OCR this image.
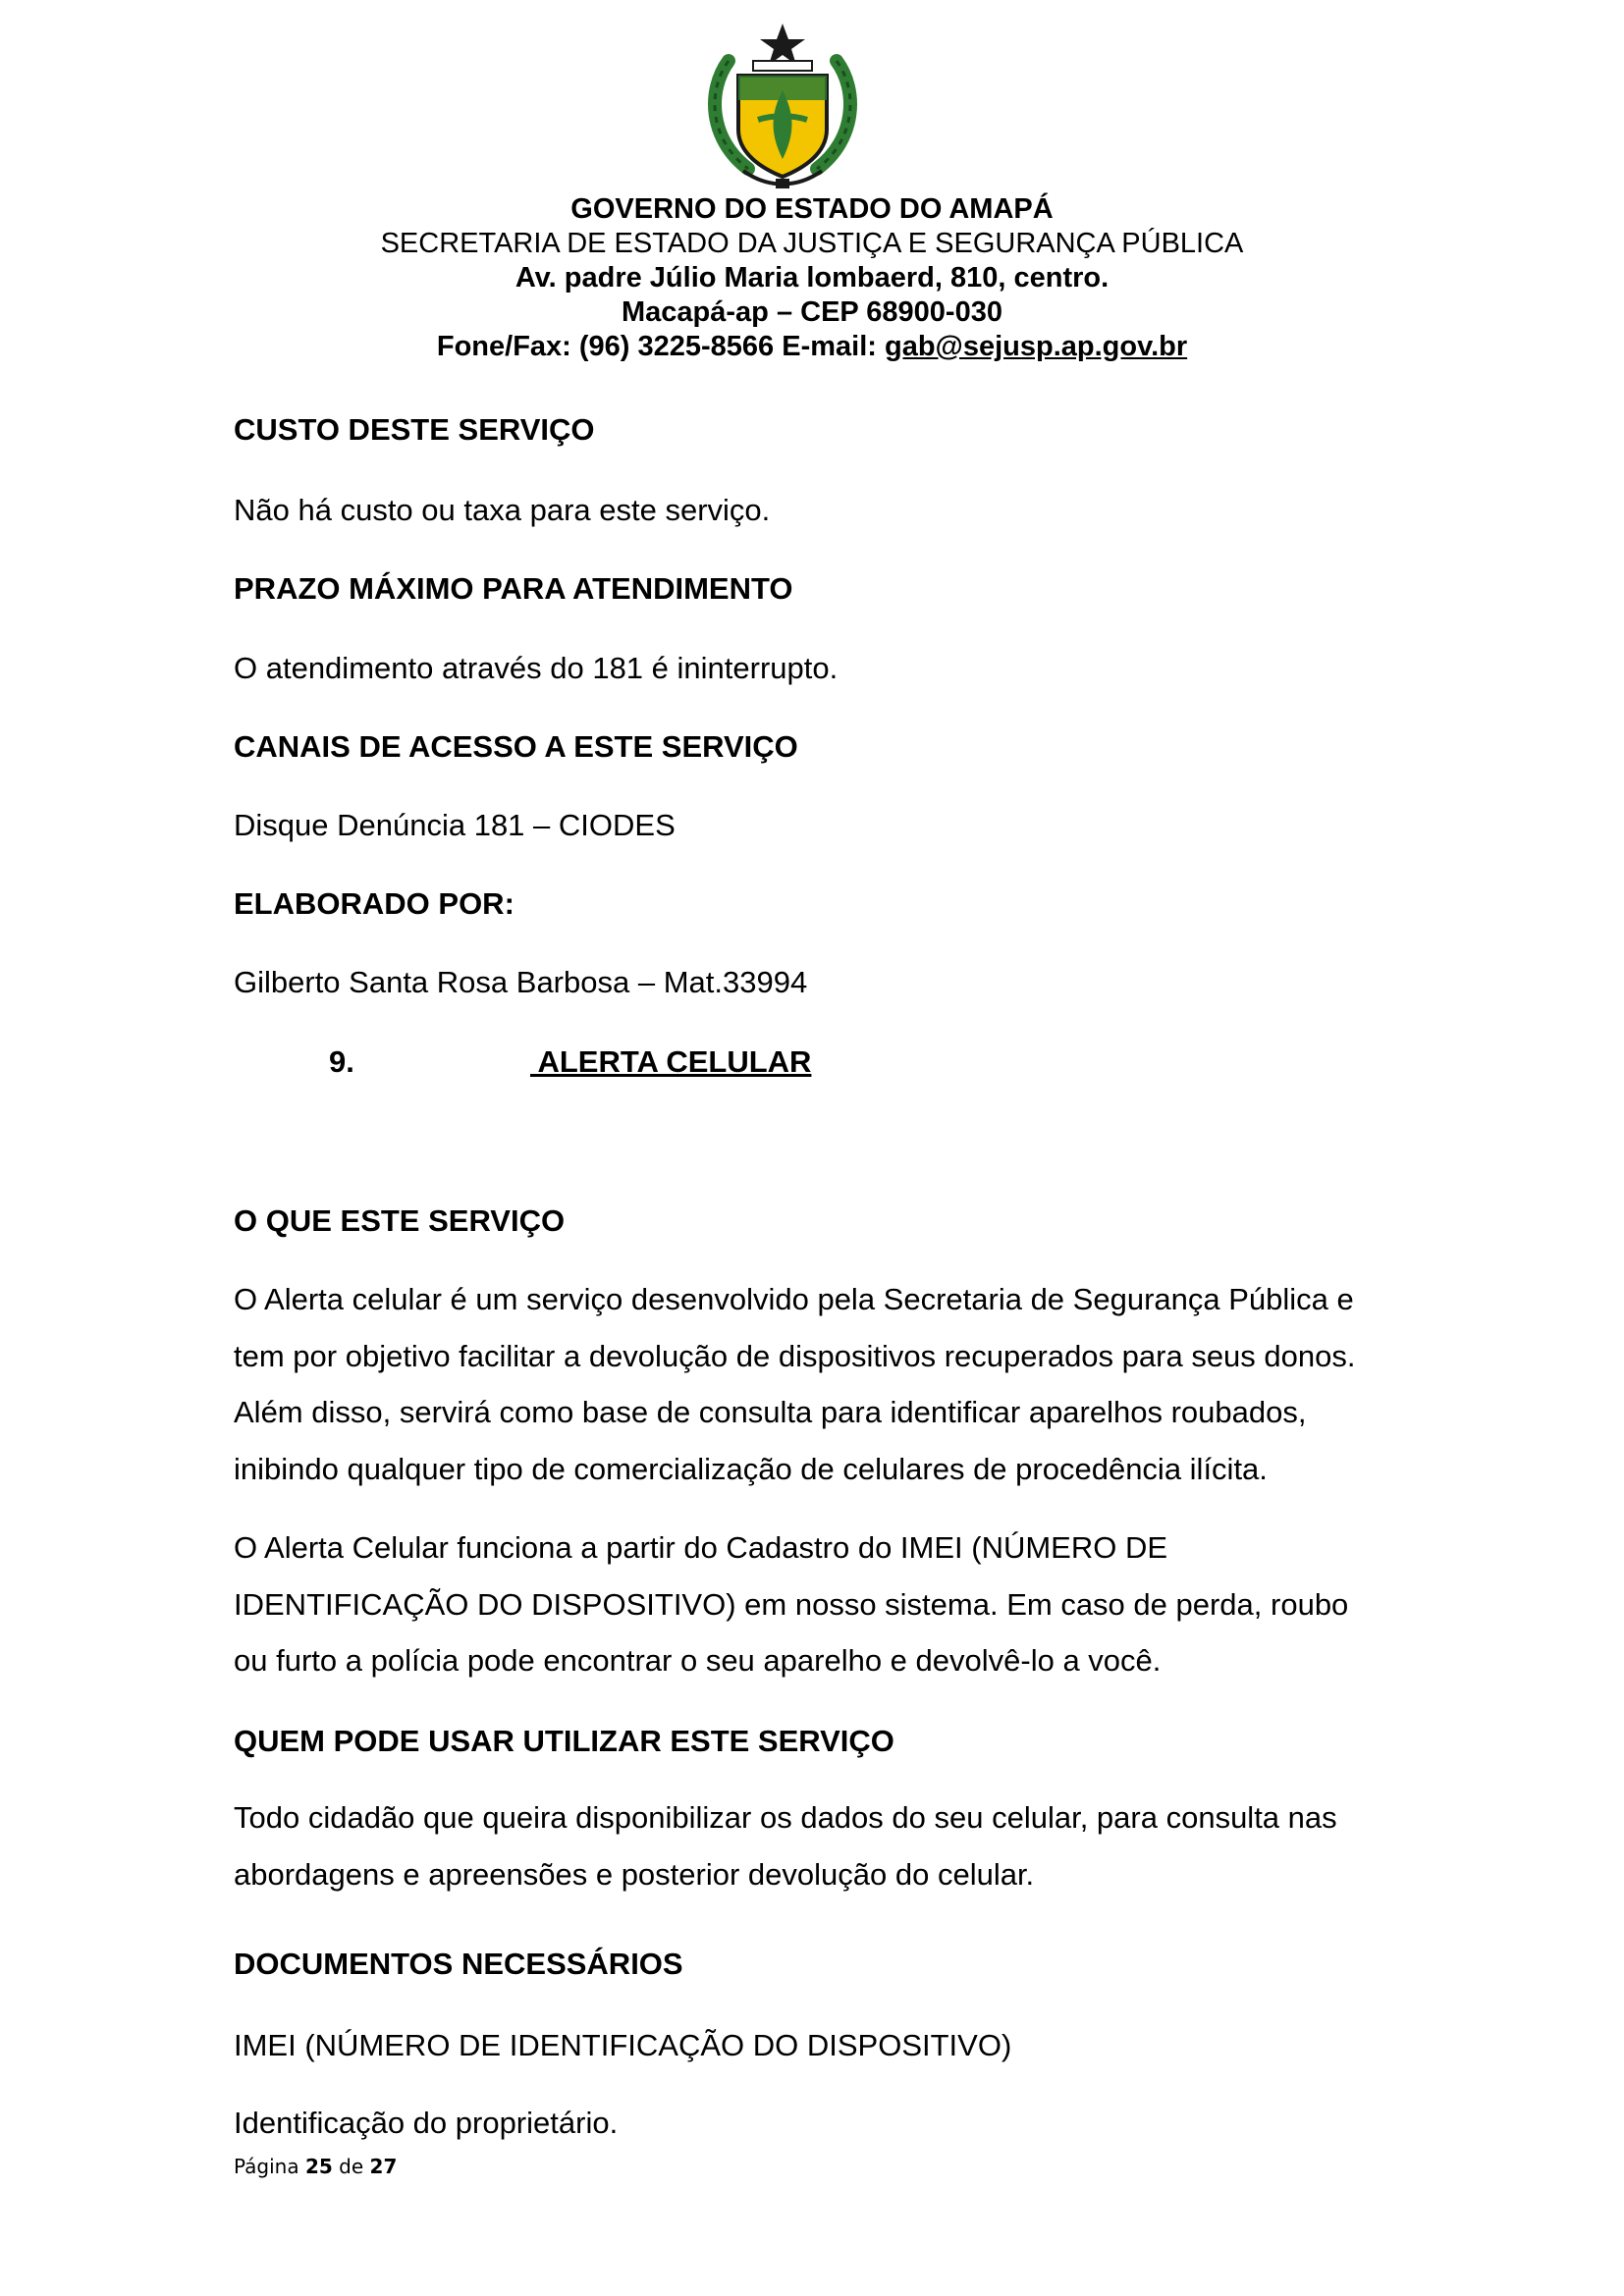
GOVERNO DO ESTADO DO AMAPÁ
SECRETARIA DE ESTADO DA JUSTIÇA E SEGURANÇA PÚBLICA
Av. padre Júlio Maria lombaerd, 810, centro.
Macapá-ap – CEP 68900-030
Fone/Fax: (96) 3225-8566 E-mail: gab@sejusp.ap.gov.br
CUSTO DESTE SERVIÇO
Não há custo ou taxa para este serviço.
PRAZO MÁXIMO PARA ATENDIMENTO
O atendimento através do 181 é ininterrupto.
CANAIS DE ACESSO A ESTE SERVIÇO
Disque Denúncia 181 – CIODES
ELABORADO POR:
Gilberto Santa Rosa Barbosa – Mat.33994
9.	ALERTA CELULAR
O QUE ESTE SERVIÇO
O Alerta celular é um serviço desenvolvido pela Secretaria de Segurança Pública e
tem por objetivo facilitar a devolução de dispositivos recuperados para seus donos.
Além disso, servirá como base de consulta para identificar aparelhos roubados,
inibindo qualquer tipo de comercialização de celulares de procedência ilícita.
O Alerta Celular funciona a partir do Cadastro do IMEI (NÚMERO DE
IDENTIFICAÇÃO DO DISPOSITIVO) em nosso sistema. Em caso de perda, roubo
ou furto a polícia pode encontrar o seu aparelho e devolvê-lo a você.
QUEM PODE USAR UTILIZAR ESTE SERVIÇO
Todo cidadão que queira disponibilizar os dados do seu celular, para consulta nas
abordagens e apreensões e posterior devolução do celular.
DOCUMENTOS NECESSÁRIOS
IMEI (NÚMERO DE IDENTIFICAÇÃO DO DISPOSITIVO)
Identificação do proprietário.
Página 25 de 27
